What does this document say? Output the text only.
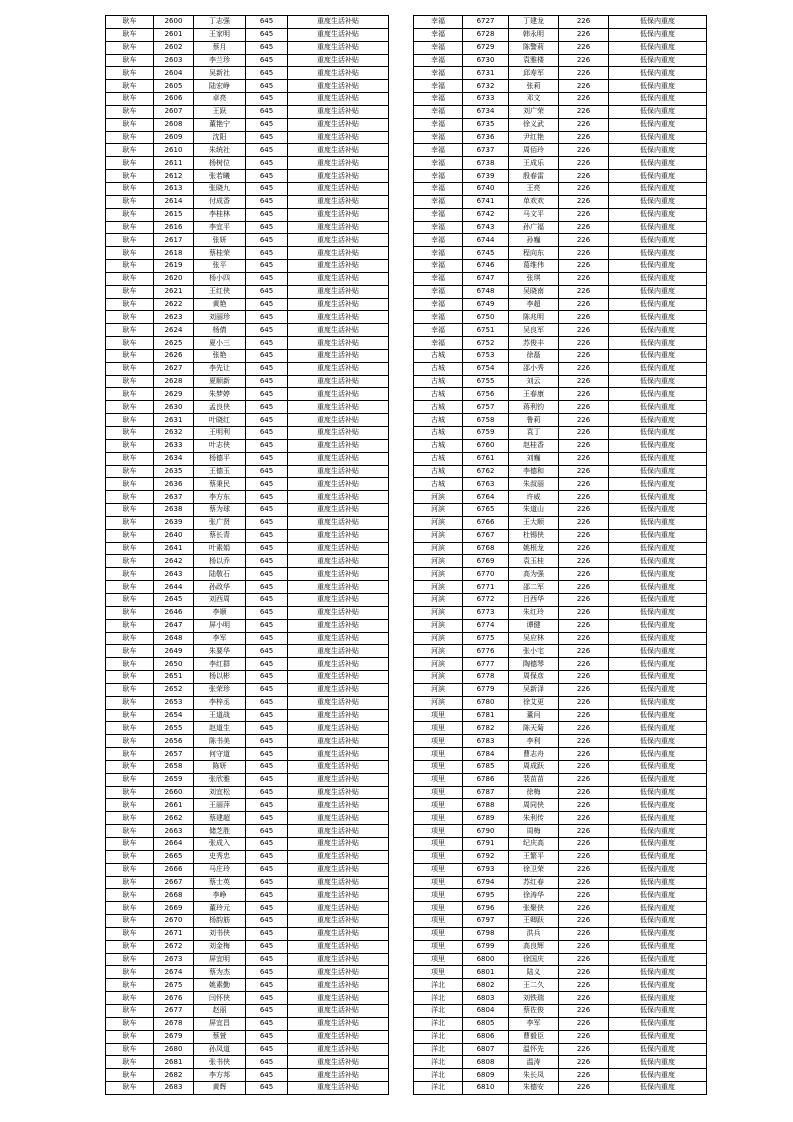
耿车	2600	丁志强	645	重度生活补贴
耿车	2601	王家明	645	重度生活补贴
耿车	2602	蔡月	645	重度生活补贴
耿车	2603	李兰珍	645	重度生活补贴
耿车	2604	吴新社	645	重度生活补贴
耿车	2605	陆宏峥	645	重度生活补贴
耿车	2606	卓亮	645	重度生活补贴
耿车	2607	王跃	645	重度生活补贴
耿车	2608	董艳宁	645	重度生活补贴
耿车	2609	沈阳	645	重度生活补贴
耿车	2610	朱统社	645	重度生活补贴
耿车	2611	杨树位	645	重度生活补贴
耿车	2612	张若曦	645	重度生活补贴
耿车	2613	张晓九	645	重度生活补贴
耿车	2614	付成香	645	重度生活补贴
耿车	2615	李桂林	645	重度生活补贴
耿车	2616	李宜平	645	重度生活补贴
耿车	2617	张妍	645	重度生活补贴
耿车	2618	蔡桂荣	645	重度生活补贴
耿车	2619	张平	645	重度生活补贴
耿车	2620	杨小四	645	重度生活补贴
耿车	2621	王红侠	645	重度生活补贴
耿车	2622	黄艳	645	重度生活补贴
耿车	2623	刘丽珍	645	重度生活补贴
耿车	2624	杨倩	645	重度生活补贴
耿车	2625	夏小三	645	重度生活补贴
耿车	2626	张艳	645	重度生活补贴
耿车	2627	李先让	645	重度生活补贴
耿车	2628	夏顺新	645	重度生活补贴
耿车	2629	朱梦婷	645	重度生活补贴
耿车	2630	孟良侠	645	重度生活补贴
耿车	2631	叶晓红	645	重度生活补贴
耿车	2632	王明利	645	重度生活补贴
耿车	2633	叶志侠	645	重度生活补贴
耿车	2634	杨德平	645	重度生活补贴
耿车	2635	王德玉	645	重度生活补贴
耿车	2636	蔡秉民	645	重度生活补贴
耿车	2637	李方东	645	重度生活补贴
耿车	2638	蔡为球	645	重度生活补贴
耿车	2639	张广贤	645	重度生活补贴
耿车	2640	蔡长青	645	重度生活补贴
耿车	2641	叶素娟	645	重度生活补贴
耿车	2642	杨以乔	645	重度生活补贴
耿车	2643	陆敬石	645	重度生活补贴
耿车	2644	孙政华	645	重度生活补贴
耿车	2645	刘西周	645	重度生活补贴
耿车	2646	李顺	645	重度生活补贴
耿车	2647	屏小明	645	重度生活补贴
耿车	2648	李军	645	重度生活补贴
耿车	2649	朱要华	645	重度生活补贴
耿车	2650	李红群	645	重度生活补贴
耿车	2651	杨以彬	645	重度生活补贴
耿车	2652	张荣珍	645	重度生活补贴
耿车	2653	李梓丞	645	重度生活补贴
耿车	2654	王道战	645	重度生活补贴
耿车	2655	赵道生	645	重度生活补贴
耿车	2656	陈书美	645	重度生活补贴
耿车	2657	何守道	645	重度生活补贴
耿车	2658	陈妍	645	重度生活补贴
耿车	2659	张欣雅	645	重度生活补贴
耿车	2660	刘宜松	645	重度生活补贴
耿车	2661	王丽萍	645	重度生活补贴
耿车	2662	蔡建超	645	重度生活补贴
耿车	2663	储芝胜	645	重度生活补贴
耿车	2664	张成入	645	重度生活补贴
耿车	2665	史秀忠	645	重度生活补贴
耿车	2666	马庄玲	645	重度生活补贴
耿车	2667	蔡士英	645	重度生活补贴
耿车	2668	李峥	645	重度生活补贴
耿车	2669	董玲元	645	重度生活补贴
耿车	2670	杨韵筋	645	重度生活补贴
耿车	2671	刘书侠	645	重度生活补贴
耿车	2672	刘金梅	645	重度生活补贴
耿车	2673	屏宜明	645	重度生活补贴
耿车	2674	蔡为杰	645	重度生活补贴
耿车	2675	姚素勤	645	重度生活补贴
耿车	2676	闫怀侠	645	重度生活补贴
耿车	2677	赵丽	645	重度生活补贴
耿车	2678	屏宜昌	645	重度生活补贴
耿车	2679	蔡萱	645	重度生活补贴
耿车	2680	孙凤道	645	重度生活补贴
耿车	2681	张书侠	645	重度生活补贴
耿车	2682	李方邦	645	重度生活补贴
耿车	2683	黄辉	645	重度生活补贴
幸福	6727	丁建龙	226	低保内重度
幸福	6728	韩永明	226	低保内重度
幸福	6729	陈警莉	226	低保内重度
幸福	6730	袁雅楼	226	低保内重度
幸福	6731	邱寿军	226	低保内重度
幸福	6732	张莉	226	低保内重度
幸福	6733	邓文	226	低保内重度
幸福	6734	刘广荣	226	低保内重度
幸福	6735	徐义武	226	低保内重度
幸福	6736	尹红艳	226	低保内重度
幸福	6737	周佰玲	226	低保内重度
幸福	6738	王成乐	226	低保内重度
幸福	6739	殷春雷	226	低保内重度
幸福	6740	王亮	226	低保内重度
幸福	6741	单欢欢	226	低保内重度
幸福	6742	马文平	226	低保内重度
幸福	6743	孙广福	226	低保内重度
幸福	6744	孙巍	226	低保内重度
幸福	6745	程向东	226	低保内重度
幸福	6746	葛维伟	226	低保内重度
幸福	6747	张琪	226	低保内重度
幸福	6748	吴晓南	226	低保内重度
幸福	6749	李超	226	低保内重度
幸福	6750	陈兆明	226	低保内重度
幸福	6751	吴良军	226	低保内重度
幸福	6752	苏俊丰	226	低保内重度
古城	6753	徐磊	226	低保内重度
古城	6754	邵小秀	226	低保内重度
古城	6755	刘云	226	低保内重度
古城	6756	王春康	226	低保内重度
古城	6757	蒋利钧	226	低保内重度
古城	6758	鲁莉	226	低保内重度
古城	6759	袁丁	226	低保内重度
古城	6760	赵桂香	226	低保内重度
古城	6761	刘巍	226	低保内重度
古城	6762	李德和	226	低保内重度
古城	6763	朱叔丽	226	低保内重度
河滨	6764	许威	226	低保内重度
河滨	6765	朱道山	226	低保内重度
河滨	6766	王大顺	226	低保内重度
河滨	6767	杜锡侠	226	低保内重度
河滨	6768	姚根龙	226	低保内重度
河滨	6769	袁玉桂	226	低保内重度
河滨	6770	高为强	226	低保内重度
河滨	6771	邵二军	226	低保内重度
河滨	6772	吕西华	226	低保内重度
河滨	6773	朱红玲	226	低保内重度
河滨	6774	谭健	226	低保内重度
河滨	6775	吴应林	226	低保内重度
河滨	6776	张小宅	226	低保内重度
河滨	6777	陶德琴	226	低保内重度
河滨	6778	周保彦	226	低保内重度
河滨	6779	吴新泽	226	低保内重度
河滨	6780	徐艾更	226	低保内重度
项里	6781	董问	226	低保内重度
项里	6782	陈天菊	226	低保内重度
项里	6783	李利	226	低保内重度
项里	6784	曹志舟	226	低保内重度
项里	6785	周成跃	226	低保内重度
项里	6786	裴苗苗	226	低保内重度
项里	6787	徐梅	226	低保内重度
项里	6788	周同侠	226	低保内重度
项里	6789	朱利传	226	低保内重度
项里	6790	周梅	226	低保内重度
项里	6791	纪庆高	226	低保内重度
项里	6792	王繁平	226	低保内重度
项里	6793	徐卫荣	226	低保内重度
项里	6794	苏红春	226	低保内重度
项里	6795	徐涛华	226	低保内重度
项里	6796	张聚侠	226	低保内重度
项里	6797	王卿跃	226	低保内重度
项里	6798	洪兵	226	低保内重度
项里	6799	高良辉	226	低保内重度
项里	6800	徐国庆	226	低保内重度
项里	6801	陆义	226	低保内重度
洋北	6802	王二久	226	低保内重度
洋北	6803	刘铁瑞	226	低保内重度
洋北	6804	蔡佐俊	226	低保内重度
洋北	6805	李军	226	低保内重度
洋北	6806	曹毅臣	226	低保内重度
洋北	6807	温怀先	226	低保内重度
洋北	6808	温涛	226	低保内重度
洋北	6809	朱长凤	226	低保内重度
洋北	6810	朱德安	226	低保内重度
